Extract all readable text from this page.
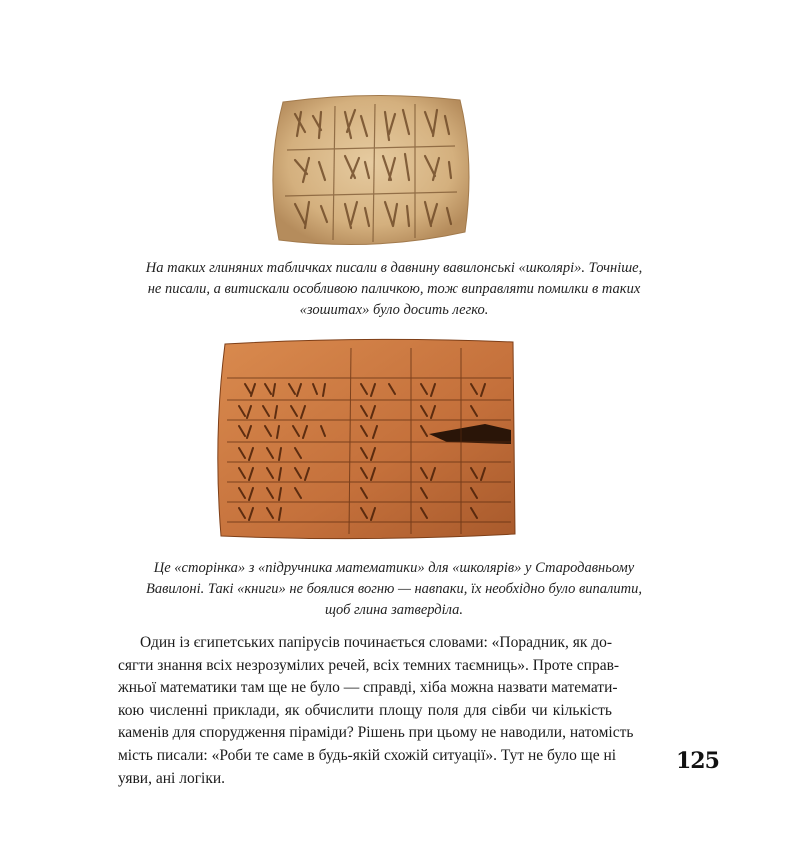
На таких глиняних табличках писали в давнину вавилонські «школярі». Точніше,
не писали, а витискали особливою паличкою, тож виправляти помилки в таких
«зошитах» було досить легко.
Це «сторінка» з «підручника математики» для «школярів» у Стародавньому
Вавилоні. Такі «книги» не боялися вогню — навпаки, їх необхідно було випалити,
щоб глина затверділа.
Один із єгипетських папірусів починається словами: «Порадник, як до-
сягти знання всіх незрозумілих речей, всіх темних таємниць». Проте справ-
жньої математики там ще не було — справді, хіба можна назвати математи-
кою численні приклади, як обчислити площу поля для сівби чи кількість
каменів для спорудження піраміди? Рішень при цьому не наводили, натомість
мість писали: «Роби те саме в будь-якій схожій ситуації». Тут не було ще ні
уяви, ані логіки.
125
